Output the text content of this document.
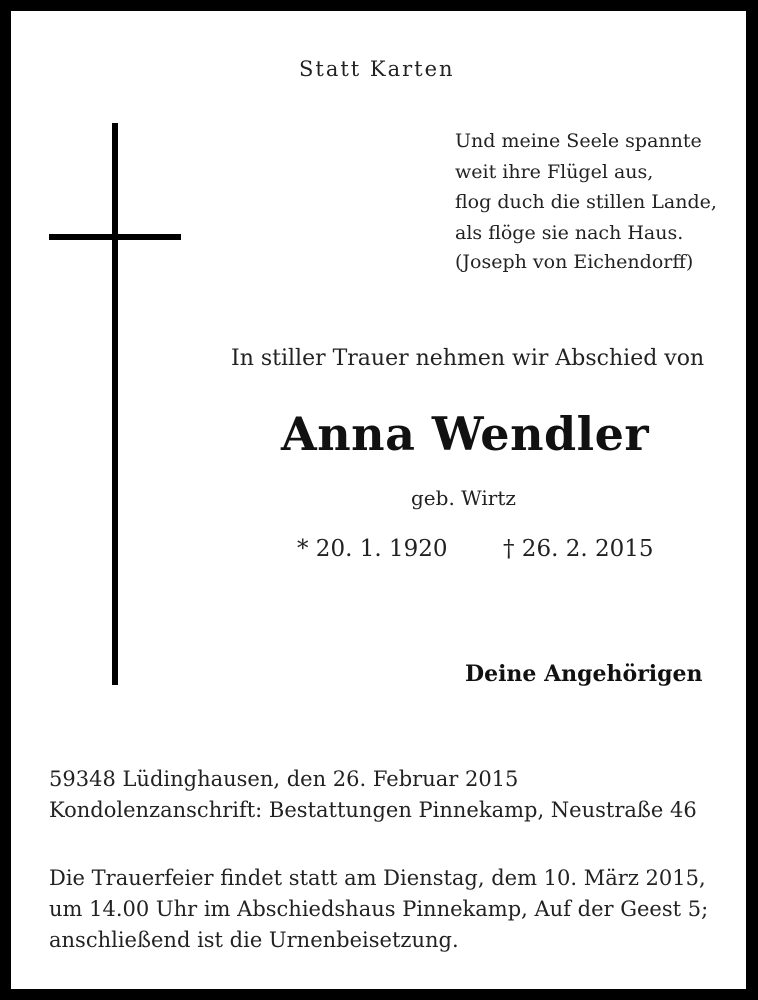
Statt Karten
Und meine Seele spannte
weit ihre Flügel aus,
flog duch die stillen Lande,
als flöge sie nach Haus.
(Joseph von Eichendorff)
In stiller Trauer nehmen wir Abschied von
Anna Wendler
geb. Wirtz
* 20. 1. 1920 † 26. 2. 2015
Deine Angehörigen
59348 Lüdinghausen, den 26. Februar 2015
Kondolenzanschrift: Bestattungen Pinnekamp, Neustraße 46
Die Trauerfeier findet statt am Dienstag, dem 10. März 2015,
um 14.00 Uhr im Abschiedshaus Pinnekamp, Auf der Geest 5;
anschließend ist die Urnenbeisetzung.
